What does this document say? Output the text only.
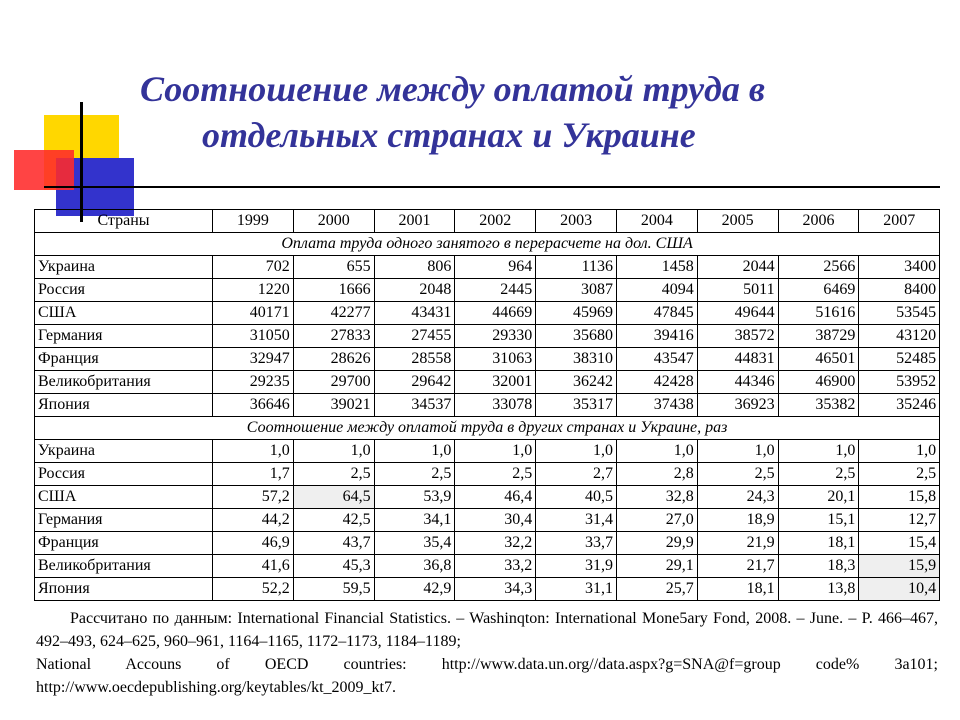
Соотношение между оплатой труда в
отдельных странах и Украине
Страны	1999	2000	2001	2002	2003	2004	2005	2006	2007
Оплата труда одного занятого в перерасчете на дол. США									
Украина	702	655	806	964	1136	1458	2044	2566	3400
Россия	1220	1666	2048	2445	3087	4094	5011	6469	8400
США	40171	42277	43431	44669	45969	47845	49644	51616	53545
Германия	31050	27833	27455	29330	35680	39416	38572	38729	43120
Франция	32947	28626	28558	31063	38310	43547	44831	46501	52485
Великобритания	29235	29700	29642	32001	36242	42428	44346	46900	53952
Япония	36646	39021	34537	33078	35317	37438	36923	35382	35246
Соотношение между оплатой труда в других странах и Украине, раз									
Украина	1,0	1,0	1,0	1,0	1,0	1,0	1,0	1,0	1,0
Россия	1,7	2,5	2,5	2,5	2,7	2,8	2,5	2,5	2,5
США	57,2	64,5	53,9	46,4	40,5	32,8	24,3	20,1	15,8
Германия	44,2	42,5	34,1	30,4	31,4	27,0	18,9	15,1	12,7
Франция	46,9	43,7	35,4	32,2	33,7	29,9	21,9	18,1	15,4
Великобритания	41,6	45,3	36,8	33,2	31,9	29,1	21,7	18,3	15,9
Япония	52,2	59,5	42,9	34,3	31,1	25,7	18,1	13,8	10,4

Рассчитано по данным: International Financial Statistics. – Washinqton: International Mone5ary Fond, 2008. – June. – P. 466–467, 492–493, 624–625, 960–961, 1164–1165, 1172–1173, 1184–1189;

National Accouns of OECD countries: http://www.data.un.org//data.aspx?g=SNA@f=group code% 3a101; http://www.oecdepublishing.org/keytables/kt_2009_kt7.
